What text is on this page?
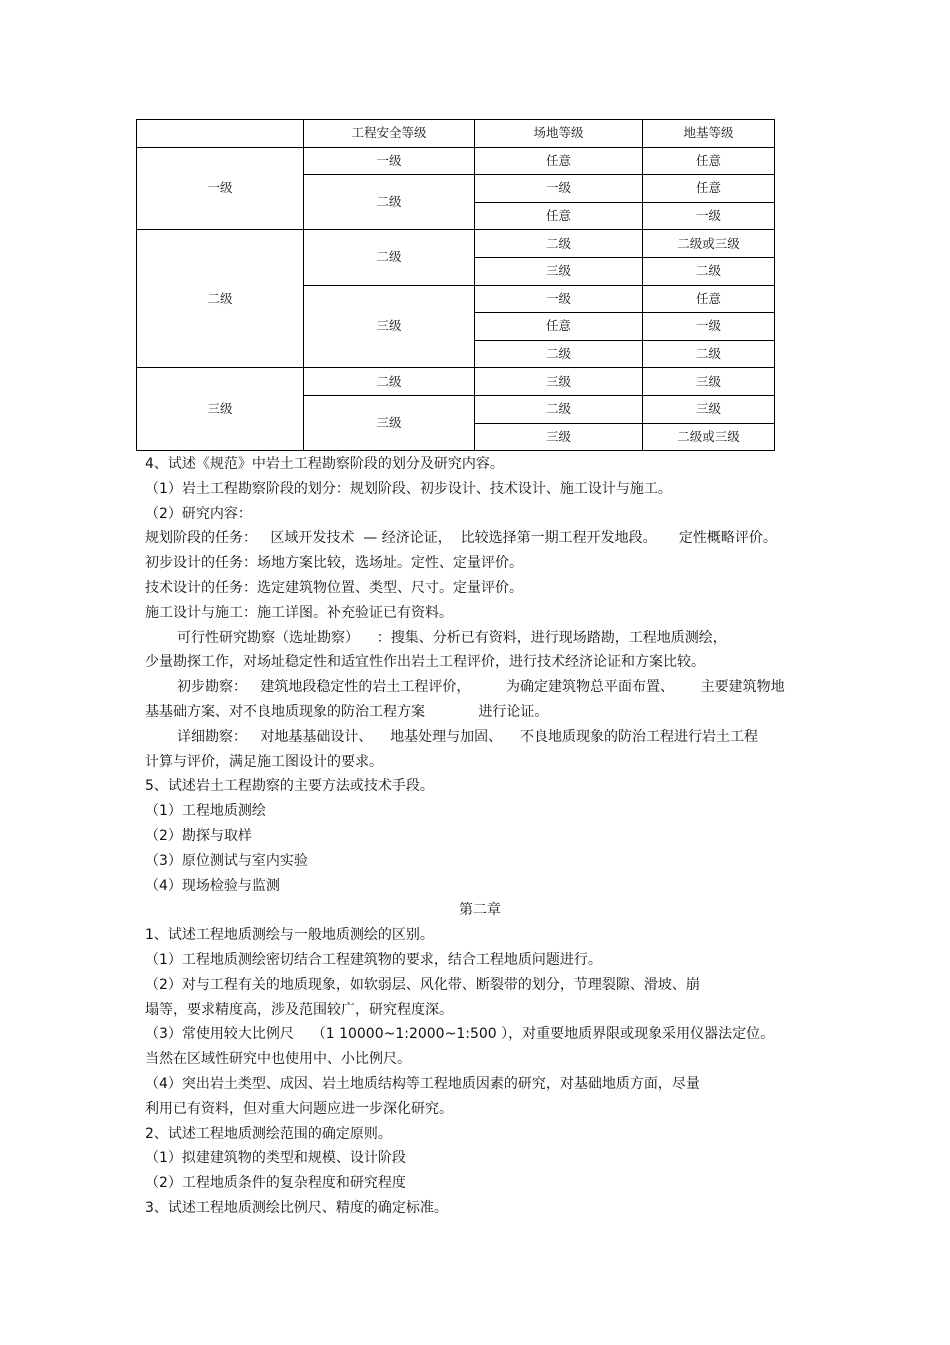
	工程安全等级	场地等级	地基等级
一级	一级	任意	任意
	二级	一级	任意
		任意	一级
二级	二级	二级	二级或三级
		三级	二级
	三级	一级	任意
		任意	一级
		二级	二级
三级	二级	三级	三级
	三级	二级	三级
		三级	二级或三级
4、试述《规范》中岩土工程勘察阶段的划分及研究内容。
（1）岩土工程勘察阶段的划分：规划阶段、初步设计、技术设计、施工设计与施工。
（2）研究内容：
规划阶段的任务：   区域开发技术  — 经济论证，  比较选择第一期工程开发地段。     定性概略评价。
初步设计的任务：场地方案比较，选场址。定性、定量评价。
技术设计的任务：选定建筑物位置、类型、尺寸。定量评价。
施工设计与施工：施工详图。补充验证已有资料。
可行性研究勘察（选址勘察）    ：搜集、分析已有资料，进行现场踏勘，工程地质测绘，
少量勘探工作，对场址稳定性和适宜性作出岩土工程评价，进行技术经济论证和方案比较。
初步勘察：   建筑地段稳定性的岩土工程评价，        为确定建筑物总平面布置、      主要建筑物地
基基础方案、对不良地质现象的防治工程方案            进行论证。
详细勘察：   对地基基础设计、    地基处理与加固、    不良地质现象的防治工程进行岩土工程
计算与评价，满足施工图设计的要求。
5、试述岩土工程勘察的主要方法或技术手段。
（1）工程地质测绘
（2）勘探与取样
（3）原位测试与室内实验
（4）现场检验与监测
第二章
1、试述工程地质测绘与一般地质测绘的区别。
（1）工程地质测绘密切结合工程建筑物的要求，结合工程地质问题进行。
（2）对与工程有关的地质现象，如软弱层、风化带、断裂带的划分，节理裂隙、滑坡、崩
塌等，要求精度高，涉及范围较广，研究程度深。
（3）常使用较大比例尺    （1 10000~1:2000~1:500 ），对重要地质界限或现象采用仪器法定位。
当然在区域性研究中也使用中、小比例尺。
（4）突出岩土类型、成因、岩土地质结构等工程地质因素的研究，对基础地质方面，尽量
利用已有资料，但对重大问题应进一步深化研究。
2、试述工程地质测绘范围的确定原则。
（1）拟建建筑物的类型和规模、设计阶段
（2）工程地质条件的复杂程度和研究程度
3、试述工程地质测绘比例尺、精度的确定标准。
